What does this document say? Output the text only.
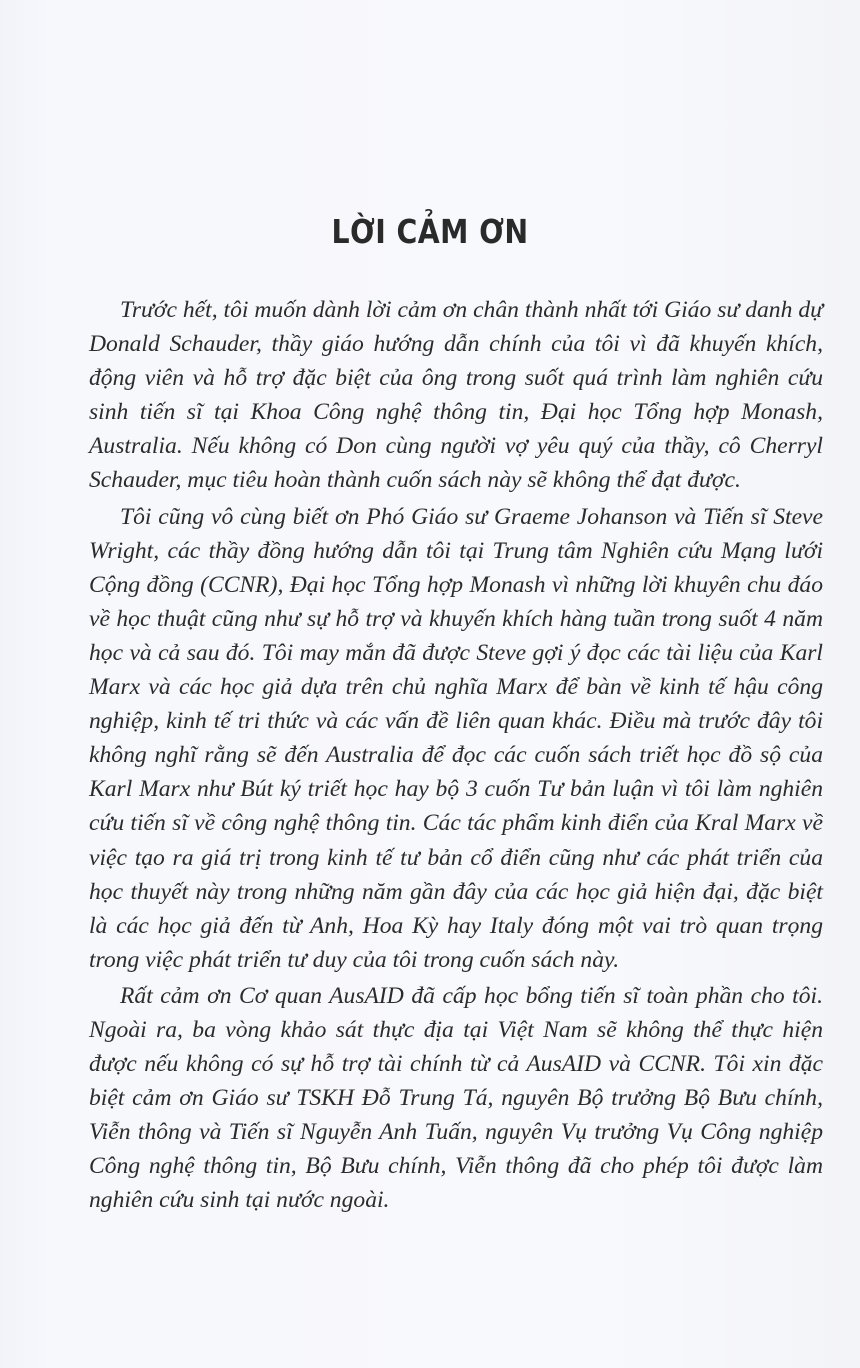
LỜI CẢM ƠN

Trước hết, tôi muốn dành lời cảm ơn chân thành nhất tới Giáo sư danh dự Donald Schauder, thầy giáo hướng dẫn chính của tôi vì đã khuyến khích, động viên và hỗ trợ đặc biệt của ông trong suốt quá trình làm nghiên cứu sinh tiến sĩ tại Khoa Công nghệ thông tin, Đại học Tổng hợp Monash, Australia. Nếu không có Don cùng người vợ yêu quý của thầy, cô Cherryl Schauder, mục tiêu hoàn thành cuốn sách này sẽ không thể đạt được.

Tôi cũng vô cùng biết ơn Phó Giáo sư Graeme Johanson và Tiến sĩ Steve Wright, các thầy đồng hướng dẫn tôi tại Trung tâm Nghiên cứu Mạng lưới Cộng đồng (CCNR), Đại học Tổng hợp Monash vì những lời khuyên chu đáo về học thuật cũng như sự hỗ trợ và khuyến khích hàng tuần trong suốt 4 năm học và cả sau đó. Tôi may mắn đã được Steve gợi ý đọc các tài liệu của Karl Marx và các học giả dựa trên chủ nghĩa Marx để bàn về kinh tế hậu công nghiệp, kinh tế tri thức và các vấn đề liên quan khác. Điều mà trước đây tôi không nghĩ rằng sẽ đến Australia để đọc các cuốn sách triết học đồ sộ của Karl Marx như Bút ký triết học hay bộ 3 cuốn Tư bản luận vì tôi làm nghiên cứu tiến sĩ về công nghệ thông tin. Các tác phẩm kinh điển của Kral Marx về việc tạo ra giá trị trong kinh tế tư bản cổ điển cũng như các phát triển của học thuyết này trong những năm gần đây của các học giả hiện đại, đặc biệt là các học giả đến từ Anh, Hoa Kỳ hay Italy đóng một vai trò quan trọng trong việc phát triển tư duy của tôi trong cuốn sách này.

Rất cảm ơn Cơ quan AusAID đã cấp học bổng tiến sĩ toàn phần cho tôi. Ngoài ra, ba vòng khảo sát thực địa tại Việt Nam sẽ không thể thực hiện được nếu không có sự hỗ trợ tài chính từ cả AusAID và CCNR. Tôi xin đặc biệt cảm ơn Giáo sư TSKH Đỗ Trung Tá, nguyên Bộ trưởng Bộ Bưu chính, Viễn thông và Tiến sĩ Nguyễn Anh Tuấn, nguyên Vụ trưởng Vụ Công nghiệp Công nghệ thông tin, Bộ Bưu chính, Viễn thông đã cho phép tôi được làm nghiên cứu sinh tại nước ngoài.
